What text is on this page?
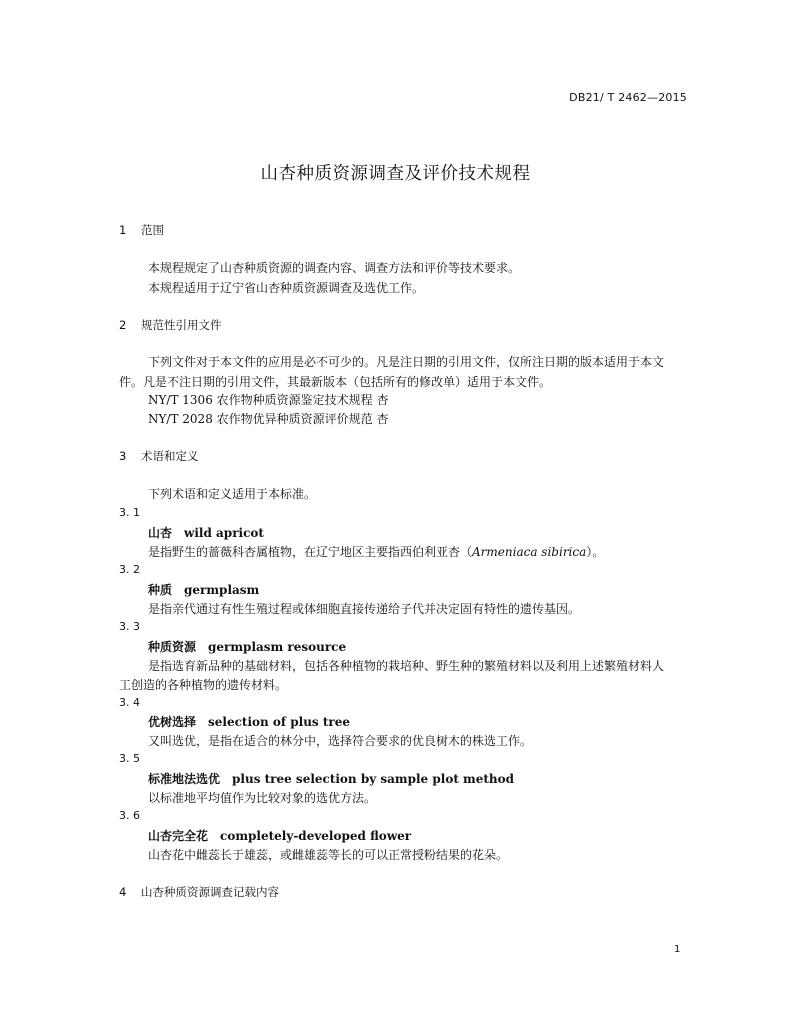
DB21/ T 2462—2015
山杏种质资源调查及评价技术规程
1 范围
本规程规定了山杏种质资源的调查内容、调查方法和评价等技术要求。
本规程适用于辽宁省山杏种质资源调查及选优工作。
2 规范性引用文件
下列文件对于本文件的应用是必不可少的。凡是注日期的引用文件，仅所注日期的版本适用于本文
件。凡是不注日期的引用文件，其最新版本（包括所有的修改单）适用于本文件。
NY/T 1306 农作物种质资源鉴定技术规程 杏
NY/T 2028 农作物优异种质资源评价规范 杏
3 术语和定义
下列术语和定义适用于本标准。
3. 1
山杏 wild apricot
是指野生的蔷薇科杏属植物，在辽宁地区主要指西伯利亚杏（Armeniaca sibirica）。
3. 2
种质 germplasm
是指亲代通过有性生殖过程或体细胞直接传递给子代并决定固有特性的遗传基因。
3. 3
种质资源 germplasm resource
是指选育新品种的基础材料，包括各种植物的栽培种、野生种的繁殖材料以及利用上述繁殖材料人
工创造的各种植物的遗传材料。
3. 4
优树选择 selection of plus tree
又叫选优，是指在适合的林分中，选择符合要求的优良树木的株选工作。
3. 5
标准地法选优 plus tree selection by sample plot method
以标准地平均值作为比较对象的选优方法。
3. 6
山杏完全花 completely-developed flower
山杏花中雌蕊长于雄蕊，或雌雄蕊等长的可以正常授粉结果的花朵。
4 山杏种质资源调查记载内容
1
